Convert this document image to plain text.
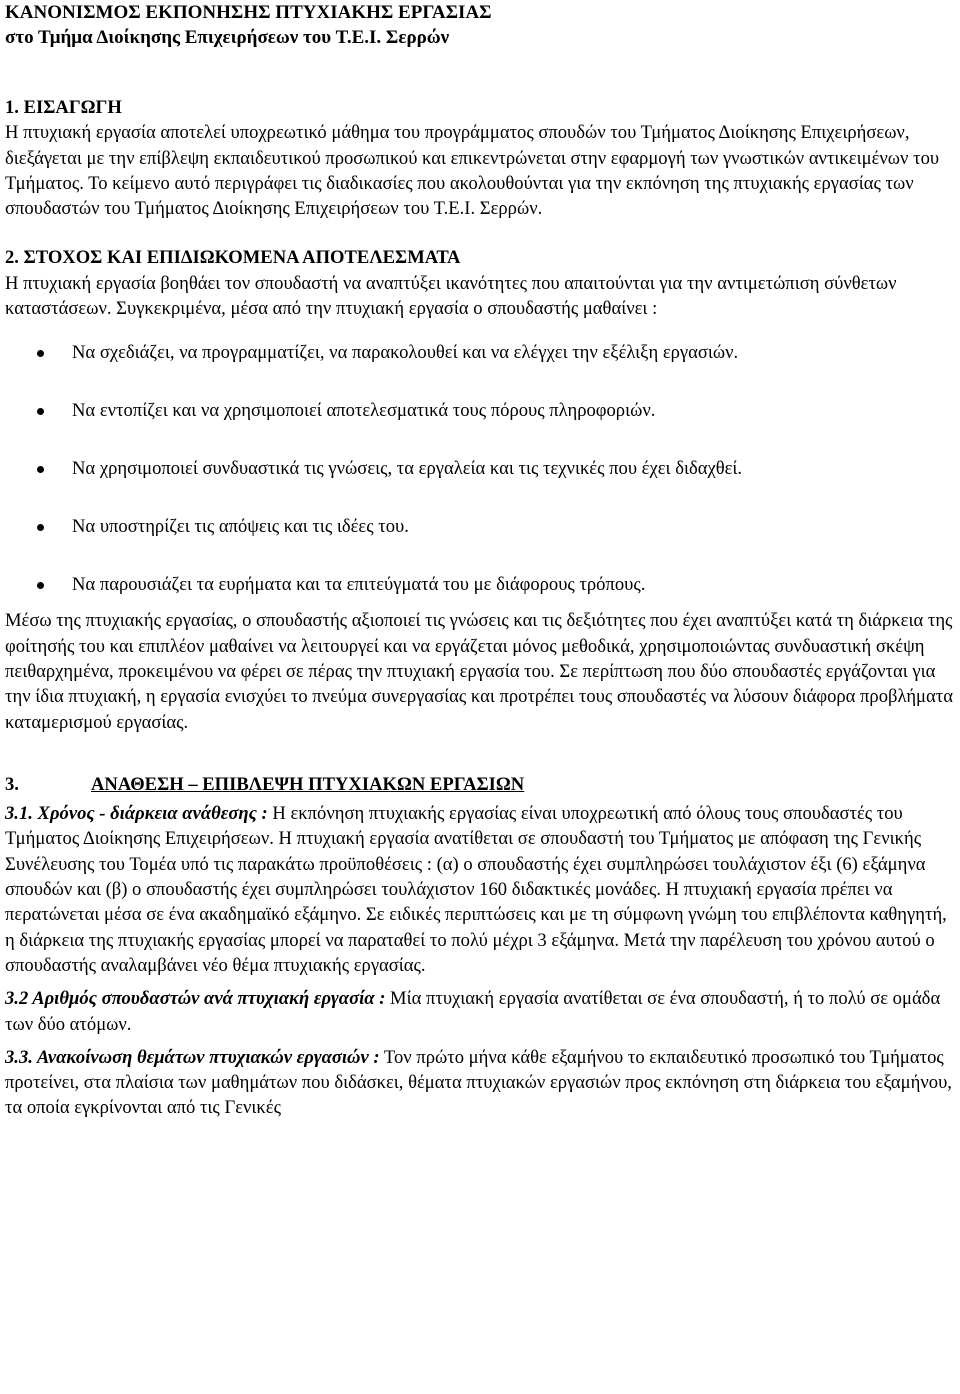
ΚΑΝΟΝΙΣΜΟΣ ΕΚΠΟΝΗΣΗΣ ΠΤΥΧΙΑΚΗΣ ΕΡΓΑΣΙΑΣ

στο Τμήμα Διοίκησης Επιχειρήσεων του Τ.Ε.Ι. Σερρών

1. ΕΙΣΑΓΩΓΗ

Η πτυχιακή εργασία αποτελεί υποχρεωτικό μάθημα του προγράμματος σπουδών του Τμήματος Διοίκησης Επιχειρήσεων, διεξάγεται με την επίβλεψη εκπαιδευτικού προσωπικού και επικεντρώνεται στην εφαρμογή των γνωστικών αντικειμένων του Τμήματος. Το κείμενο αυτό περιγράφει τις διαδικασίες που ακολουθούνται για την εκπόνηση της πτυχιακής εργασίας των σπουδαστών του Τμήματος Διοίκησης Επιχειρήσεων του Τ.Ε.Ι. Σερρών.

2. ΣΤΟΧΟΣ ΚΑΙ ΕΠΙΔΙΩΚΟΜΕΝΑ ΑΠΟΤΕΛΕΣΜΑΤΑ

Η πτυχιακή εργασία βοηθάει τον σπουδαστή να αναπτύξει ικανότητες που απαιτούνται για την αντιμετώπιση σύνθετων καταστάσεων. Συγκεκριμένα, μέσα από την πτυχιακή εργασία ο σπουδαστής μαθαίνει :

Να σχεδιάζει, να προγραμματίζει, να παρακολουθεί και να ελέγχει την εξέλιξη εργασιών.
Να εντοπίζει και να χρησιμοποιεί αποτελεσματικά τους πόρους πληροφοριών.
Να χρησιμοποιεί συνδυαστικά τις γνώσεις, τα εργαλεία και τις τεχνικές που έχει διδαχθεί.
Να υποστηρίζει τις απόψεις και τις ιδέες του.
Να παρουσιάζει τα ευρήματα και τα επιτεύγματά του με διάφορους τρόπους.

Μέσω της πτυχιακής εργασίας, ο σπουδαστής αξιοποιεί τις γνώσεις και τις δεξιότητες που έχει αναπτύξει κατά τη διάρκεια της φοίτησής του και επιπλέον μαθαίνει να λειτουργεί και να εργάζεται μόνος μεθοδικά, χρησιμοποιώντας συνδυαστική σκέψη πειθαρχημένα, προκειμένου να φέρει σε πέρας την πτυχιακή εργασία του. Σε περίπτωση που δύο σπουδαστές εργάζονται για την ίδια πτυχιακή, η εργασία ενισχύει το πνεύμα συνεργασίας και προτρέπει τους σπουδαστές να λύσουν διάφορα προβλήματα καταμερισμού εργασίας.

3.	ΑΝΑΘΕΣΗ – ΕΠΙΒΛΕΨΗ ΠΤΥΧΙΑΚΩΝ ΕΡΓΑΣΙΩΝ

3.1. Χρόνος - διάρκεια ανάθεσης : Η εκπόνηση πτυχιακής εργασίας είναι υποχρεωτική από όλους τους σπουδαστές του Τμήματος Διοίκησης Επιχειρήσεων. Η πτυχιακή εργασία ανατίθεται σε σπουδαστή του Τμήματος με απόφαση της Γενικής Συνέλευσης του Τομέα υπό τις παρακάτω προϋποθέσεις : (α) ο σπουδαστής έχει συμπληρώσει τουλάχιστον έξι (6) εξάμηνα σπουδών και (β) ο σπουδαστής έχει συμπληρώσει τουλάχιστον 160 διδακτικές μονάδες. Η πτυχιακή εργασία πρέπει να περατώνεται μέσα σε ένα ακαδημαϊκό εξάμηνο. Σε ειδικές περιπτώσεις και με τη σύμφωνη γνώμη του επιβλέποντα καθηγητή, η διάρκεια της πτυχιακής εργασίας μπορεί να παραταθεί το πολύ μέχρι 3 εξάμηνα. Μετά την παρέλευση του χρόνου αυτού ο σπουδαστής αναλαμβάνει νέο θέμα πτυχιακής εργασίας.

3.2 Αριθμός σπουδαστών ανά πτυχιακή εργασία : Μία πτυχιακή εργασία ανατίθεται σε ένα σπουδαστή, ή το πολύ σε ομάδα των δύο ατόμων.

3.3. Ανακοίνωση θεμάτων πτυχιακών εργασιών : Τον πρώτο μήνα κάθε εξαμήνου το εκπαιδευτικό προσωπικό του Τμήματος προτείνει, στα πλαίσια των μαθημάτων που διδάσκει, θέματα πτυχιακών εργασιών προς εκπόνηση στη διάρκεια του εξαμήνου, τα οποία εγκρίνονται από τις Γενικές
